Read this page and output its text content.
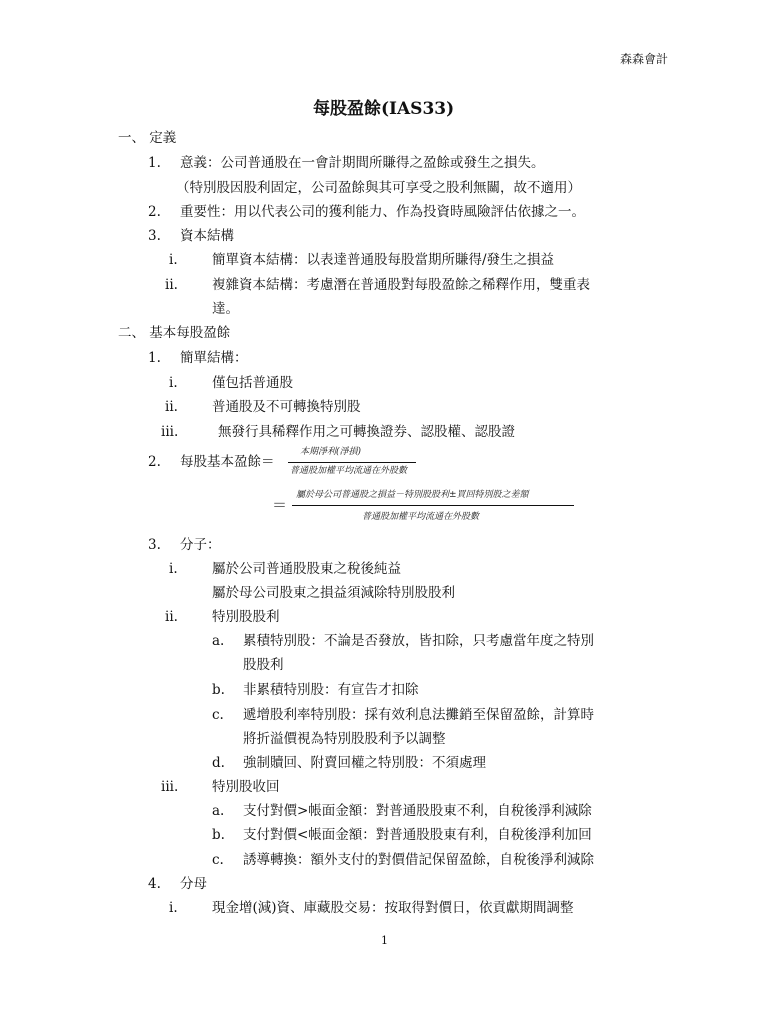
森森會計
每股盈餘(IAS33)
一、 定義
1. 意義：公司普通股在一會計期間所賺得之盈餘或發生之損失。
（特別股因股利固定，公司盈餘與其可享受之股利無關，故不適用）
2. 重要性：用以代表公司的獲利能力、作為投資時風險評估依據之一。
3. 資本結構
i.	簡單資本結構：以表達普通股每股當期所賺得/發生之損益
ii.	複雜資本結構：考慮潛在普通股對每股盈餘之稀釋作用，雙重表
達。
二、 基本每股盈餘
1. 簡單結構：
i.	僅包括普通股
ii.	普通股及不可轉換特別股
iii.	無發行具稀釋作用之可轉換證券、認股權、認股證
2. 每股基本盈餘＝
本期淨利(淨損)
普通股加權平均流通在外股數
＝
屬於母公司普通股之損益－特別股股利±買回特別股之差額
普通股加權平均流通在外股數
3. 分子：
i.	屬於公司普通股股東之稅後純益
屬於母公司股東之損益須減除特別股股利
ii.	特別股股利
a. 累積特別股：不論是否發放，皆扣除，只考慮當年度之特別
股股利
b. 非累積特別股：有宣告才扣除
c. 遞增股利率特別股：採有效利息法攤銷至保留盈餘，計算時
將折溢價視為特別股股利予以調整
d. 強制贖回、附賣回權之特別股：不須處理
iii.	特別股收回
a. 支付對價>帳面金額：對普通股股東不利，自稅後淨利減除
b. 支付對價<帳面金額：對普通股股東有利，自稅後淨利加回
c. 誘導轉換：額外支付的對價借記保留盈餘，自稅後淨利減除
4. 分母
i.	現金增(減)資、庫藏股交易：按取得對價日，依貢獻期間調整
1
